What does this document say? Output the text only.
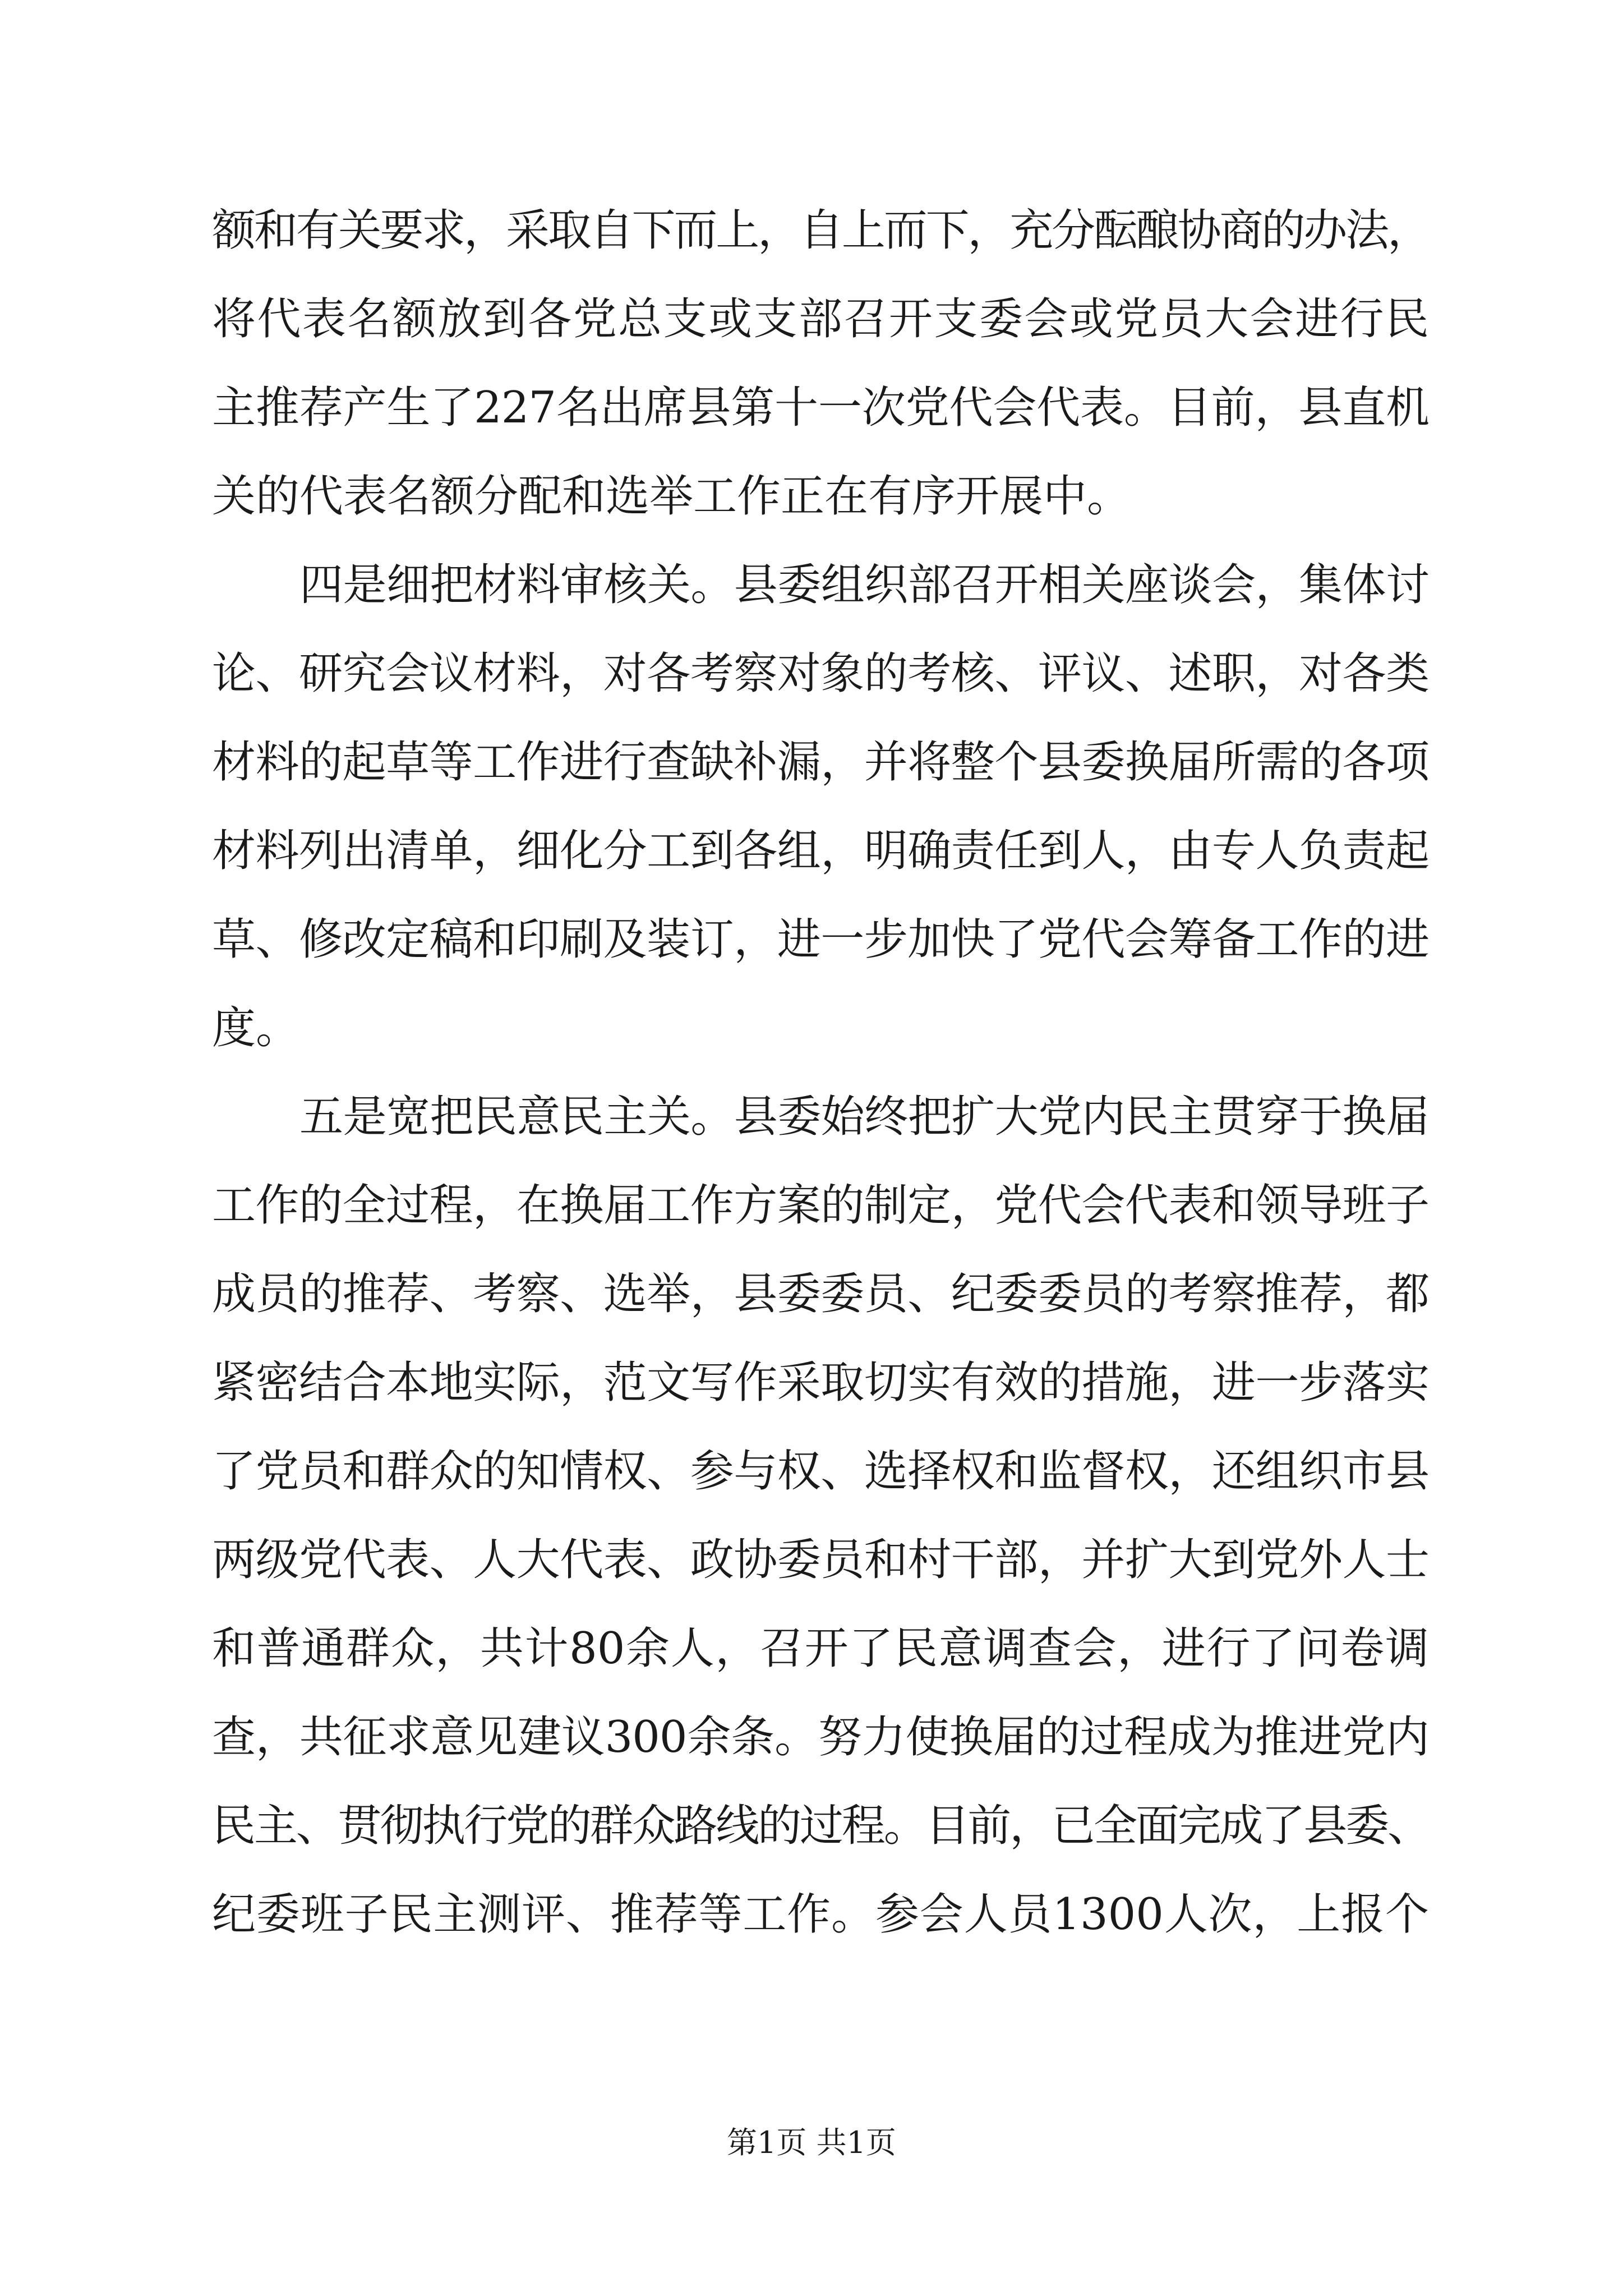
额和有关要求，采取自下而上，自上而下，充分酝酿协商的办法，
将代表名额放到各党总支或支部召开支委会或党员大会进行民
主推荐产生了227名出席县第十一次党代会代表。目前，县直机
关的代表名额分配和选举工作正在有序开展中。
四是细把材料审核关。县委组织部召开相关座谈会，集体讨
论、研究会议材料，对各考察对象的考核、评议、述职，对各类
材料的起草等工作进行查缺补漏，并将整个县委换届所需的各项
材料列出清单，细化分工到各组，明确责任到人，由专人负责起
草、修改定稿和印刷及装订，进一步加快了党代会筹备工作的进
度。
五是宽把民意民主关。县委始终把扩大党内民主贯穿于换届
工作的全过程，在换届工作方案的制定，党代会代表和领导班子
成员的推荐、考察、选举，县委委员、纪委委员的考察推荐，都
紧密结合本地实际，范文写作采取切实有效的措施，进一步落实
了党员和群众的知情权、参与权、选择权和监督权，还组织市县
两级党代表、人大代表、政协委员和村干部，并扩大到党外人士
和普通群众，共计80余人，召开了民意调查会，进行了问卷调
查，共征求意见建议300余条。努力使换届的过程成为推进党内
民主、贯彻执行党的群众路线的过程。目前，已全面完成了县委、
纪委班子民主测评、推荐等工作。参会人员1300人次，上报个
第1页 共1页
